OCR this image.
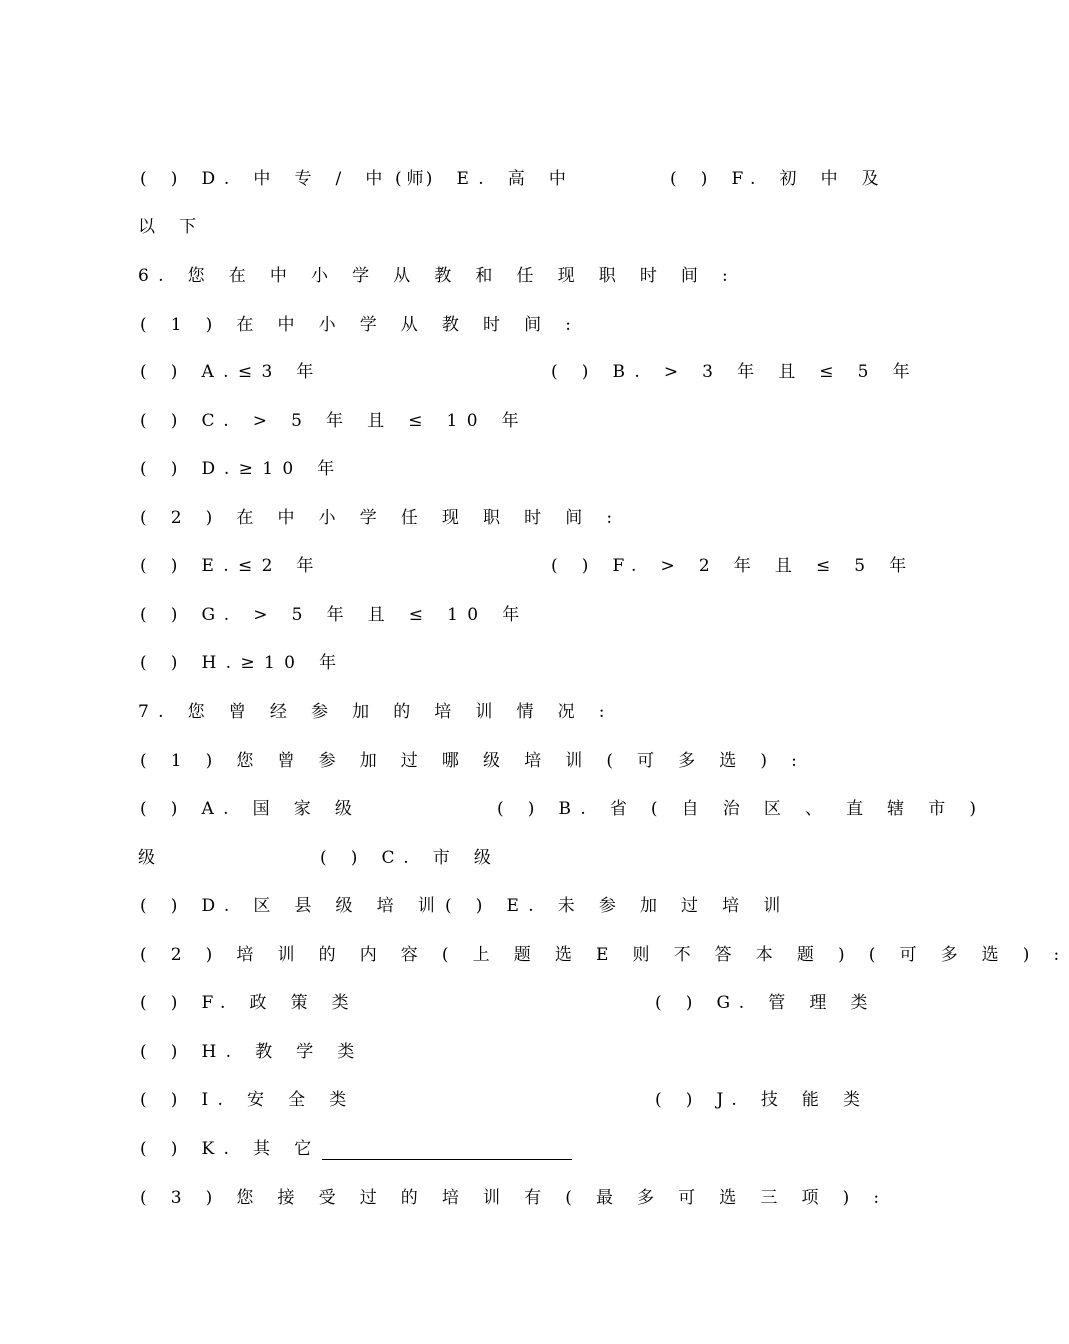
( ) D. 中 专 / 中 师
( ) E. 高 中	( ) F. 初 中 及
以 下
6. 您 在 中 小 学 从 教 和 任 现 职 时 间 :
( 1 ) 在 中 小 学 从 教 时 间 :
( ) A.≤3 年	( ) B. > 3 年 且 ≤ 5 年
( ) C. > 5 年 且 ≤ 10 年
( ) D.≥10 年
( 2 ) 在 中 小 学 任 现 职 时 间 :
( ) E.≤2 年	( ) F. > 2 年 且 ≤ 5 年
( ) G. > 5 年 且 ≤ 10 年
( ) H.≥10 年
7. 您 曾 经 参 加 的 培 训 情 况 :
( 1 ) 您 曾 参 加 过 哪 级 培 训 ( 可 多 选 ) :
( ) A. 国 家 级	( ) B. 省 ( 自 治 区 、 直 辖 市 )
级	( ) C. 市 级
( ) D. 区 县 级 培 训 ( ) E. 未 参 加 过 培 训
( 2 ) 培 训 的 内 容 ( 上 题 选 E 则 不 答 本 题 ) ( 可 多 选 ) :
( ) F. 政 策 类	( ) G. 管 理 类
( ) H. 教 学 类
( ) I. 安 全 类	( ) J. 技 能 类
( ) K. 其 它
( 3 ) 您 接 受 过 的 培 训 有 ( 最 多 可 选 三 项 ) :
